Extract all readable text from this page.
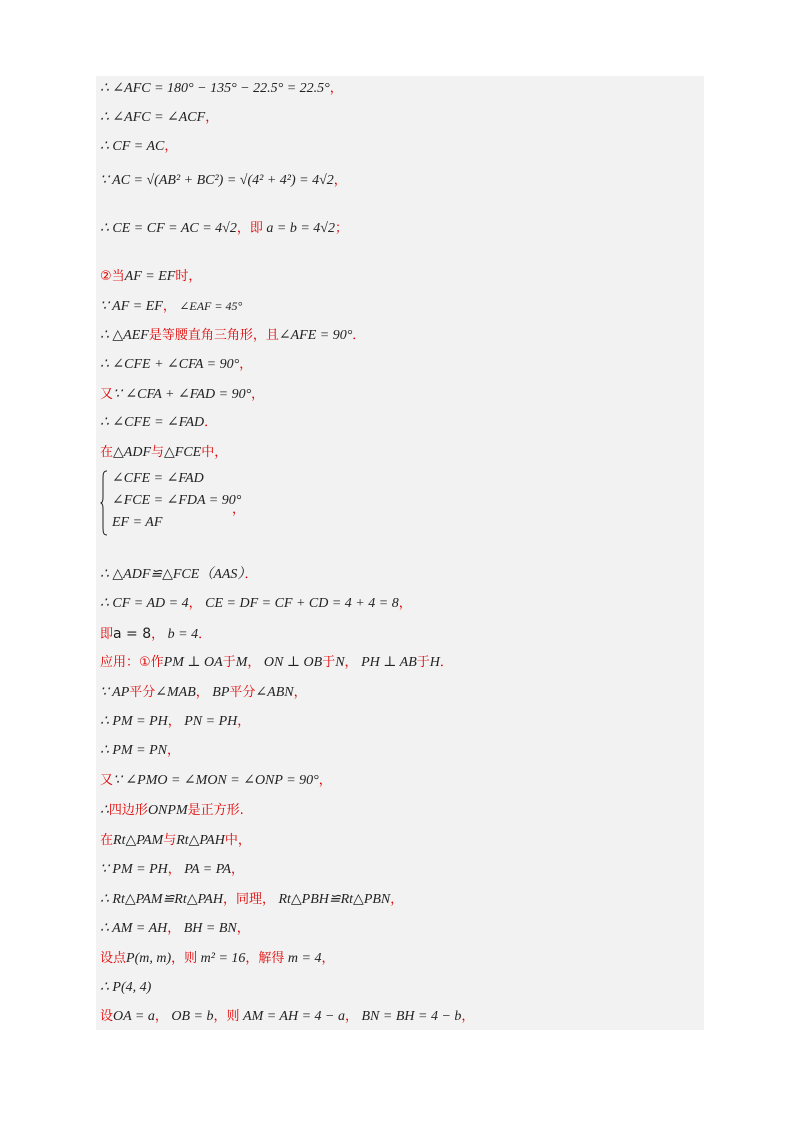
∴ ∠AFC = 180° − 135° − 22.5° = 22.5°，
∴ ∠AFC = ∠ACF，
∴ CF = AC，
∵ AC = √(AB² + BC²) = √(4² + 4²) = 4√2，
∴ CE = CF = AC = 4√2，即 a = b = 4√2；
②当AF = EF时，
∵ AF = EF， ∠EAF = 45°
∴ △AEF是等腰直角三角形，且∠AFE = 90°．
∴ ∠CFE + ∠CFA = 90°，
又∵ ∠CFA + ∠FAD = 90°，
∴ ∠CFE = ∠FAD．
在△ADF与△FCE中，
∠CFE = ∠FAD
∠FCE = ∠FDA = 90°
EF = AF
，
∴ △ADF≌△FCE（AAS）．
∴ CF = AD = 4， CE = DF = CF + CD = 4 + 4 = 8，
即a = 8， b = 4．
应用：①作PM ⊥ OA于M， ON ⊥ OB于N， PH ⊥ AB于H．
∵ AP平分∠MAB， BP平分∠ABN，
∴ PM = PH， PN = PH，
∴ PM = PN，
又∵ ∠PMO = ∠MON = ∠ONP = 90°，
∴四边形ONPM是正方形.
在Rt△PAM与Rt△PAH中，
∵ PM = PH， PA = PA，
∴ Rt△PAM≌Rt△PAH，同理， Rt△PBH≌Rt△PBN，
∴ AM = AH， BH = BN，
设点P(m, m)，则 m² = 16，解得 m = 4，
∴ P(4, 4)
设OA = a， OB = b，则 AM = AH = 4 − a， BN = BH = 4 − b，
